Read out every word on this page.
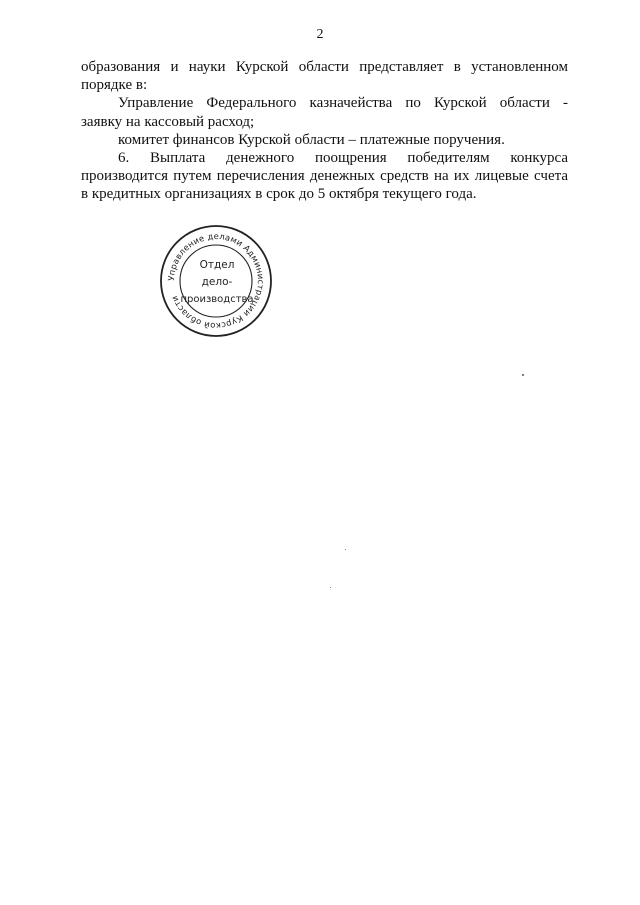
2

образования и науки Курской области представляет в установленном

порядке в:

Управление Федерального казначейства по Курской области -

заявку на кассовый расход;

комитет финансов Курской области – платежные поручения.

6. Выплата денежного поощрения победителям конкурса

производится путем перечисления денежных средств на их лицевые счета

в кредитных организациях в срок до 5 октября текущего года.

Управление делами Администрации Курской области
Отдел
дело-
производства
